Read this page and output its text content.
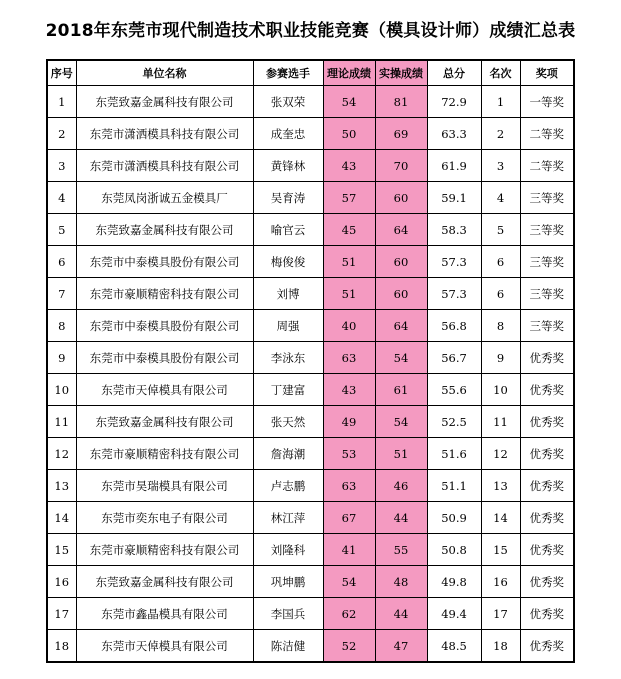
2018年东莞市现代制造技术职业技能竞赛（模具设计师）成绩汇总表
序号	单位名称	参赛选手	理论成绩	实操成绩	总分	名次	奖项
1	东莞致嘉金属科技有限公司	张双荣	54	81	72.9	1	一等奖
2	东莞市潇洒模具科技有限公司	成奎忠	50	69	63.3	2	二等奖
3	东莞市潇洒模具科技有限公司	黄锋林	43	70	61.9	3	二等奖
4	东莞凤岗浙诚五金模具厂	吴育涛	57	60	59.1	4	三等奖
5	东莞致嘉金属科技有限公司	喻官云	45	64	58.3	5	三等奖
6	东莞市中泰模具股份有限公司	梅俊俊	51	60	57.3	6	三等奖
7	东莞市豪顺精密科技有限公司	刘博	51	60	57.3	6	三等奖
8	东莞市中泰模具股份有限公司	周强	40	64	56.8	8	三等奖
9	东莞市中泰模具股份有限公司	李泳东	63	54	56.7	9	优秀奖
10	东莞市天倬模具有限公司	丁建富	43	61	55.6	10	优秀奖
11	东莞致嘉金属科技有限公司	张天然	49	54	52.5	11	优秀奖
12	东莞市豪顺精密科技有限公司	詹海潮	53	51	51.6	12	优秀奖
13	东莞市昊瑞模具有限公司	卢志鹏	63	46	51.1	13	优秀奖
14	东莞市奕东电子有限公司	林江萍	67	44	50.9	14	优秀奖
15	东莞市豪顺精密科技有限公司	刘隆科	41	55	50.8	15	优秀奖
16	东莞致嘉金属科技有限公司	巩坤鹏	54	48	49.8	16	优秀奖
17	东莞市鑫晶模具有限公司	李国兵	62	44	49.4	17	优秀奖
18	东莞市天倬模具有限公司	陈洁健	52	47	48.5	18	优秀奖
